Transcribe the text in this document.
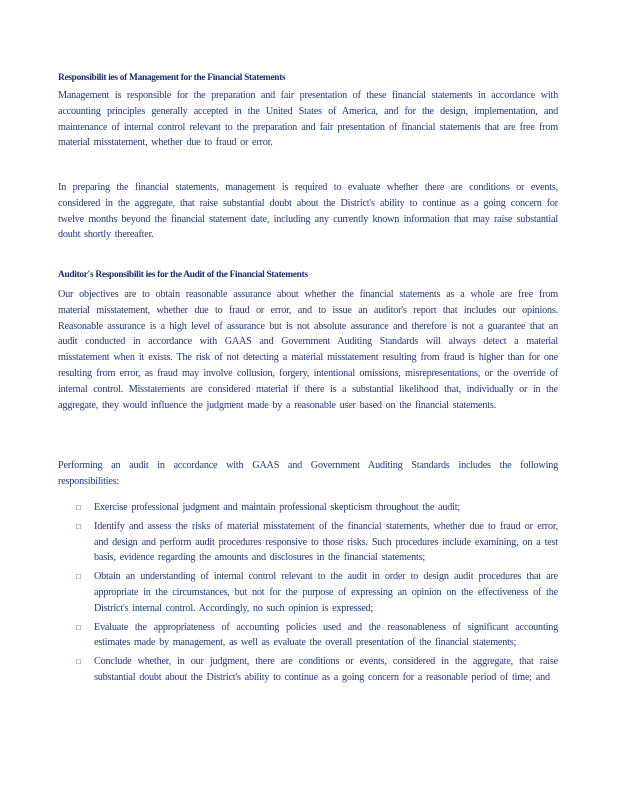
Responsibilit ies of Management for the Financial Statements

Management is responsible for the preparation and fair presentation of these financial statements in accordance with accounting principles generally accepted in the United States of America, and for the design, implementation, and maintenance of internal control relevant to the preparation and fair presentation of financial statements that are free from material misstatement, whether due to fraud or error.

In preparing the financial statements, management is required to evaluate whether there are conditions or events, considered in the aggregate, that raise substantial doubt about the District's ability to continue as a going concern for twelve months beyond the financial statement date, including any currently known information that may raise substantial doubt shortly thereafter.

Auditor's Responsibilit ies for the Audit of the Financial Statements

Our objectives are to obtain reasonable assurance about whether the financial statements as a whole are free from material misstatement, whether due to fraud or error, and to issue an auditor's report that includes our opinions. Reasonable assurance is a high level of assurance but is not absolute assurance and therefore is not a guarantee that an audit conducted in accordance with GAAS and Government Auditing Standards will always detect a material misstatement when it exists. The risk of not detecting a material misstatement resulting from fraud is higher than for one resulting from error, as fraud may involve collusion, forgery, intentional omissions, misrepresentations, or the override of internal control. Misstatements are considered material if there is a substantial likelihood that, individually or in the aggregate, they would influence the judgment made by a reasonable user based on the financial statements.

Performing an audit in accordance with GAAS and Government Auditing Standards includes the following responsibilities:

□ Exercise professional judgment and maintain professional skepticism throughout the audit;
□ Identify and assess the risks of material misstatement of the financial statements, whether due to fraud or error, and design and perform audit procedures responsive to those risks. Such procedures include examining, on a test basis, evidence regarding the amounts and disclosures in the financial statements;
□ Obtain an understanding of internal control relevant to the audit in order to design audit procedures that are appropriate in the circumstances, but not for the purpose of expressing an opinion on the effectiveness of the District's internal control. Accordingly, no such opinion is expressed;
□ Evaluate the appropriateness of accounting policies used and the reasonableness of significant accounting estimates made by management, as well as evaluate the overall presentation of the financial statements;
□ Conclude whether, in our judgment, there are conditions or events, considered in the aggregate, that raise substantial doubt about the District's ability to continue as a going concern for a reasonable period of time; and
